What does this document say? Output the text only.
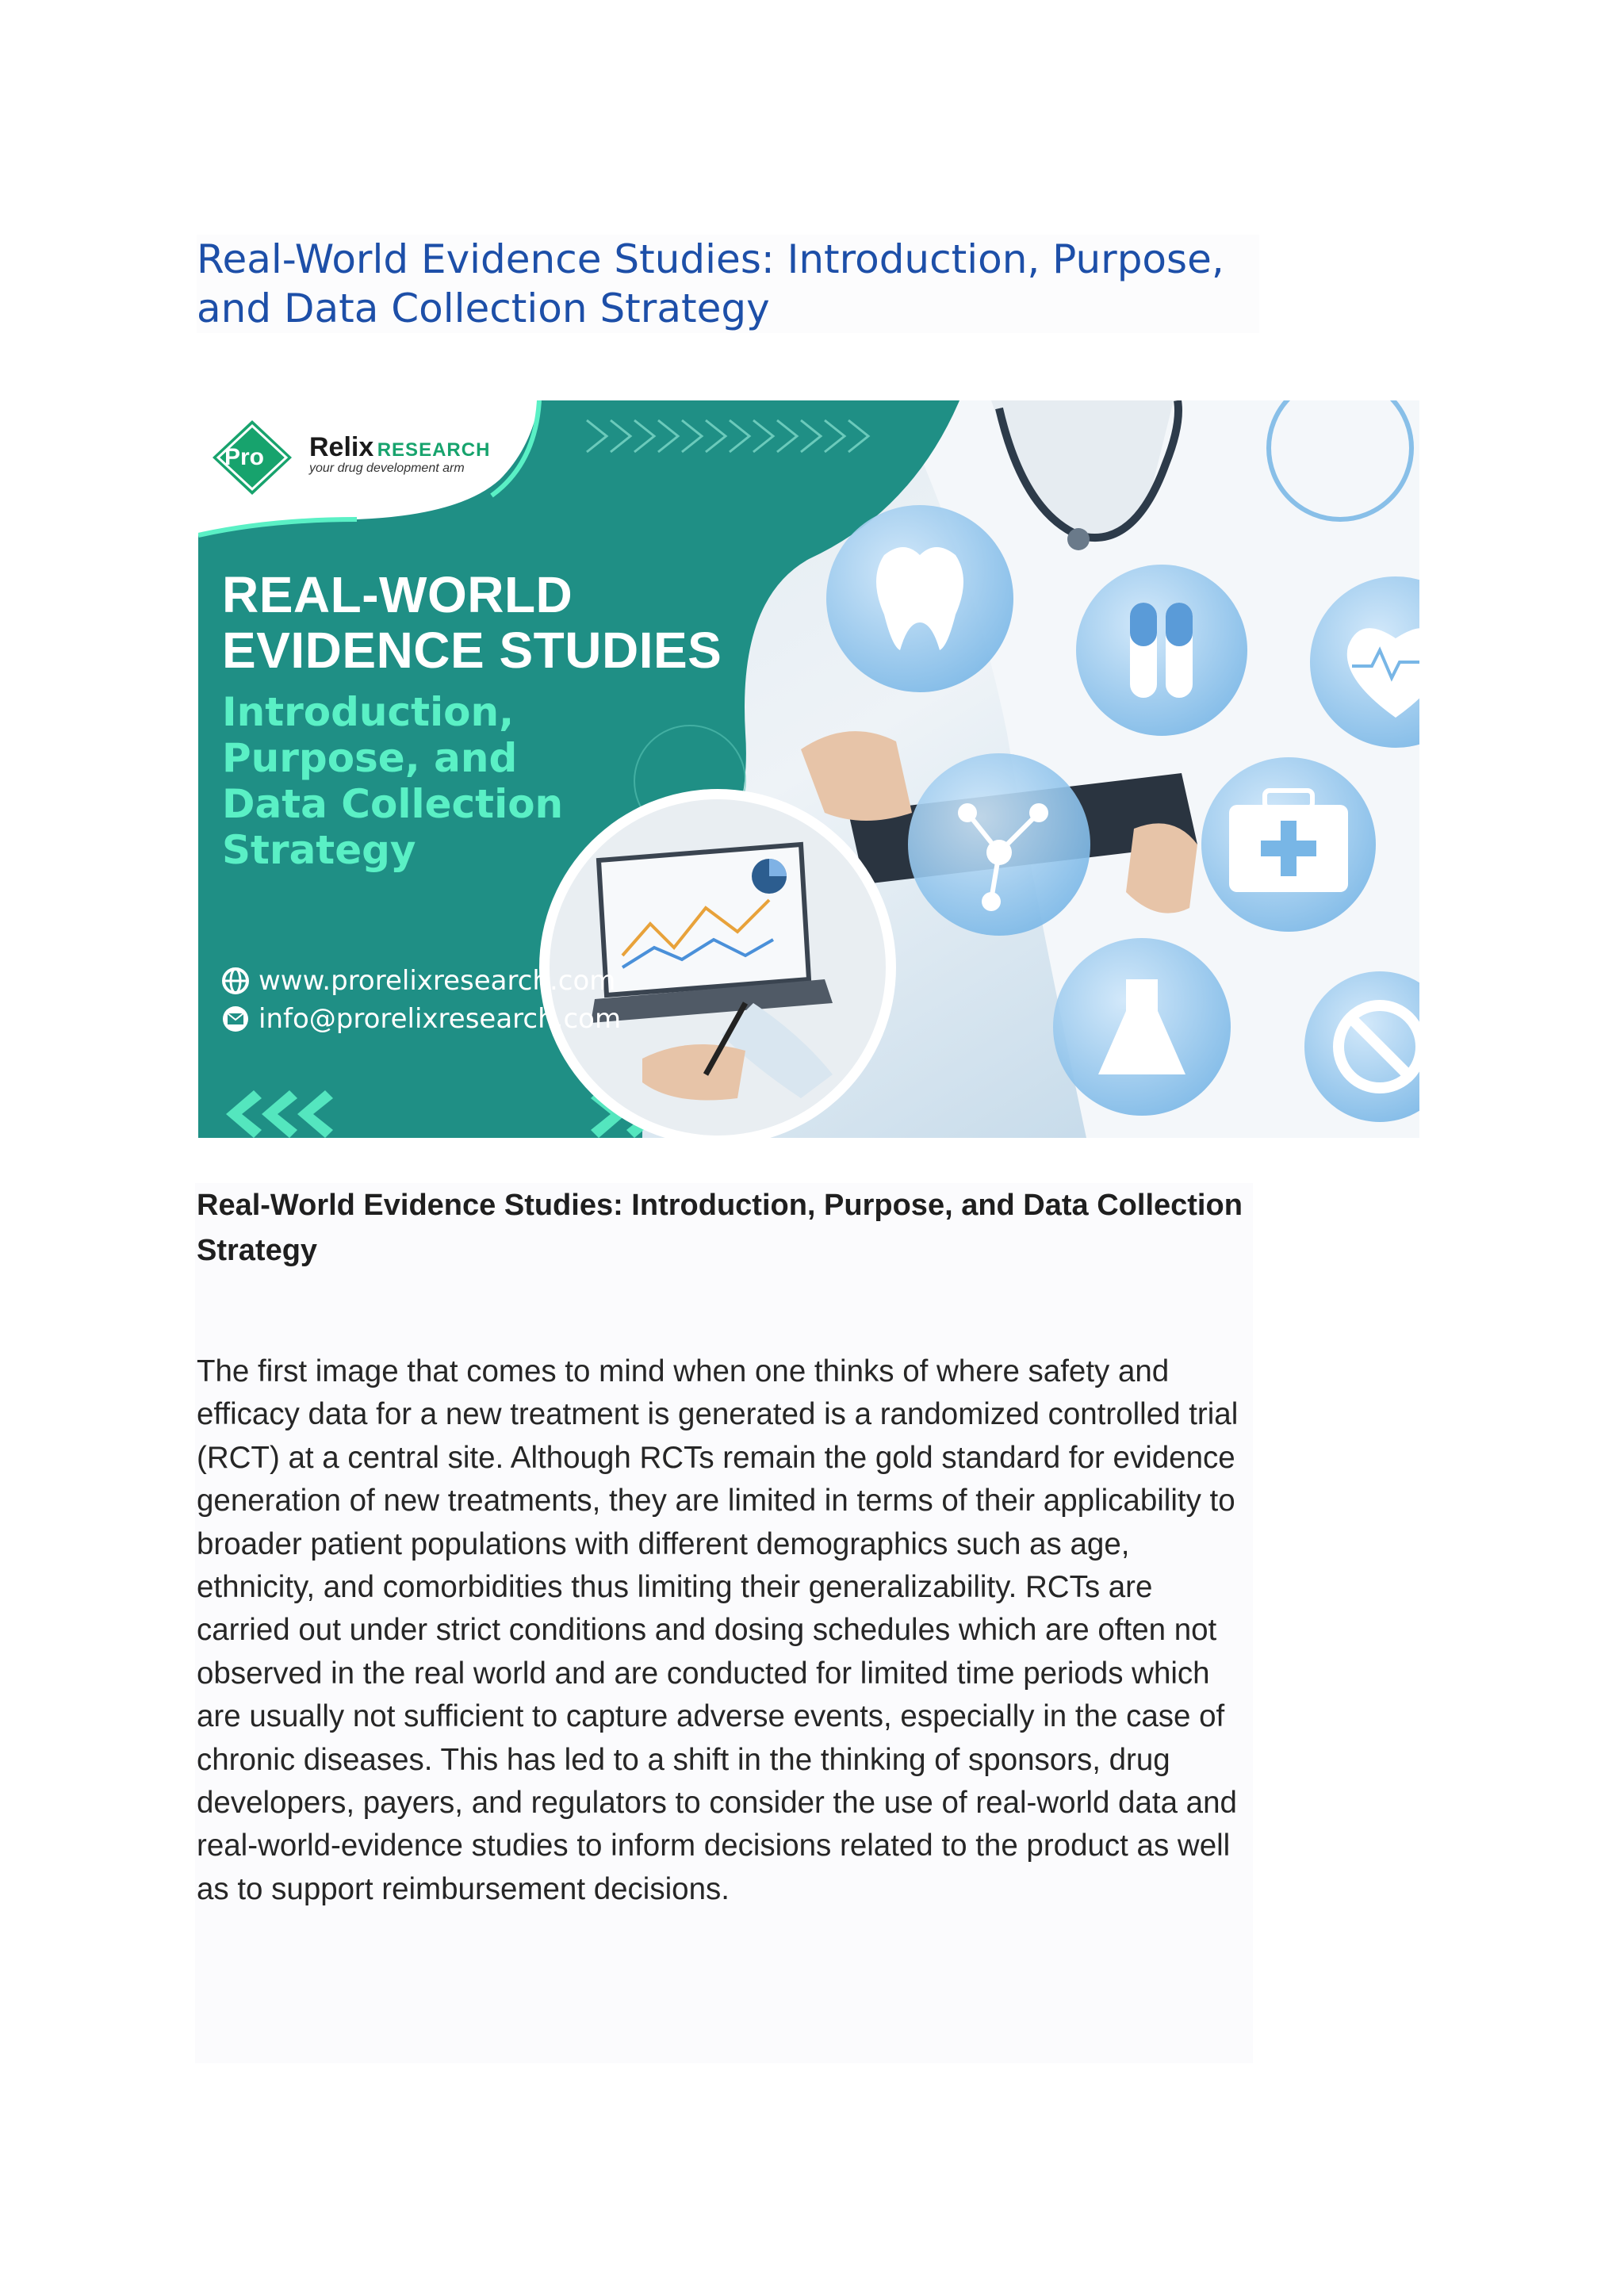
Real-World Evidence Studies: Introduction, Purpose, and Data Collection Strategy
Pro Relix RESEARCH
your drug development arm
REAL-WORLD
EVIDENCE STUDIES
Introduction, Purpose, and Data Collection Strategy
www.prorelixresearch.com
info@prorelixresearch.com
Real-World Evidence Studies: Introduction, Purpose, and Data Collection Strategy

The first image that comes to mind when one thinks of where safety and efficacy data for a new treatment is generated is a randomized controlled trial (RCT) at a central site. Although RCTs remain the gold standard for evidence generation of new treatments, they are limited in terms of their applicability to broader patient populations with different demographics such as age, ethnicity, and comorbidities thus limiting their generalizability. RCTs are carried out under strict conditions and dosing schedules which are often not observed in the real world and are conducted for limited time periods which are usually not sufficient to capture adverse events, especially in the case of chronic diseases. This has led to a shift in the thinking of sponsors, drug developers, payers, and regulators to consider the use of real-world data and real-world-evidence studies to inform decisions related to the product as well as to support reimbursement decisions.
